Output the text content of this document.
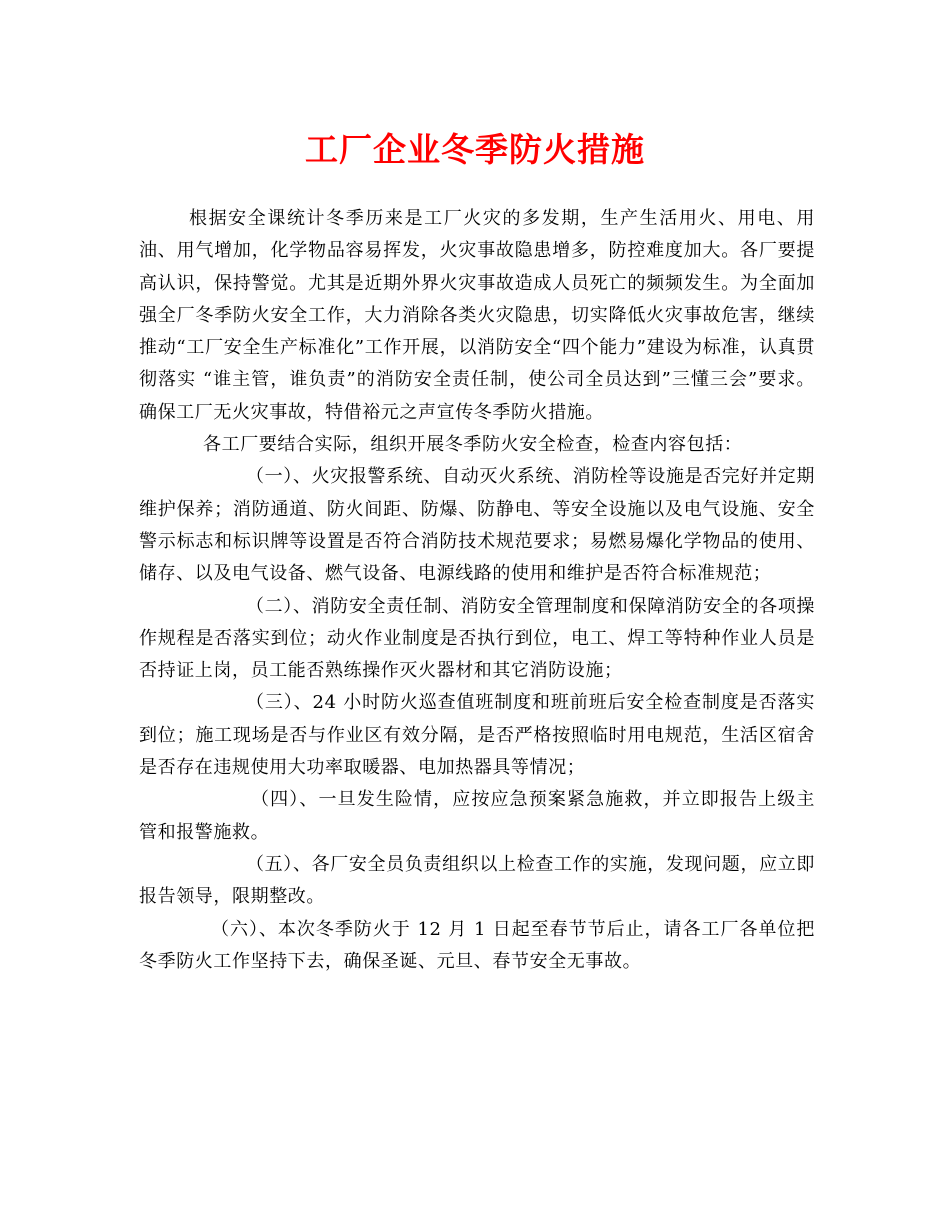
工厂企业冬季防火措施

根据安全课统计冬季历来是工厂火灾的多发期，生产生活用火、用电、用油、用气增加，化学物品容易挥发，火灾事故隐患增多，防控难度加大。各厂要提高认识，保持警觉。尤其是近期外界火灾事故造成人员死亡的频频发生。为全面加强全厂冬季防火安全工作，大力消除各类火灾隐患，切实降低火灾事故危害，继续推动“工厂安全生产标准化”工作开展，以消防安全“四个能力”建设为标准，认真贯彻落实 “谁主管，谁负责”的消防安全责任制，使公司全员达到”三懂三会”要求。确保工厂无火灾事故，特借裕元之声宣传冬季防火措施。

各工厂要结合实际，组织开展冬季防火安全检查，检查内容包括：

（一）、火灾报警系统、自动灭火系统、消防栓等设施是否完好并定期维护保养；消防通道、防火间距、防爆、防静电、等安全设施以及电气设施、安全警示标志和标识牌等设置是否符合消防技术规范要求；易燃易爆化学物品的使用、储存、以及电气设备、燃气设备、电源线路的使用和维护是否符合标准规范；

（二）、消防安全责任制、消防安全管理制度和保障消防安全的各项操作规程是否落实到位；动火作业制度是否执行到位，电工、焊工等特种作业人员是否持证上岗，员工能否熟练操作灭火器材和其它消防设施；

（三）、24 小时防火巡查值班制度和班前班后安全检查制度是否落实到位；施工现场是否与作业区有效分隔，是否严格按照临时用电规范，生活区宿舍是否存在违规使用大功率取暖器、电加热器具等情况；

（四）、一旦发生险情，应按应急预案紧急施救，并立即报告上级主管和报警施救。

（五）、各厂安全员负责组织以上检查工作的实施，发现问题，应立即报告领导，限期整改。

（六）、本次冬季防火于 12 月 1 日起至春节节后止，请各工厂各单位把冬季防火工作坚持下去，确保圣诞、元旦、春节安全无事故。
